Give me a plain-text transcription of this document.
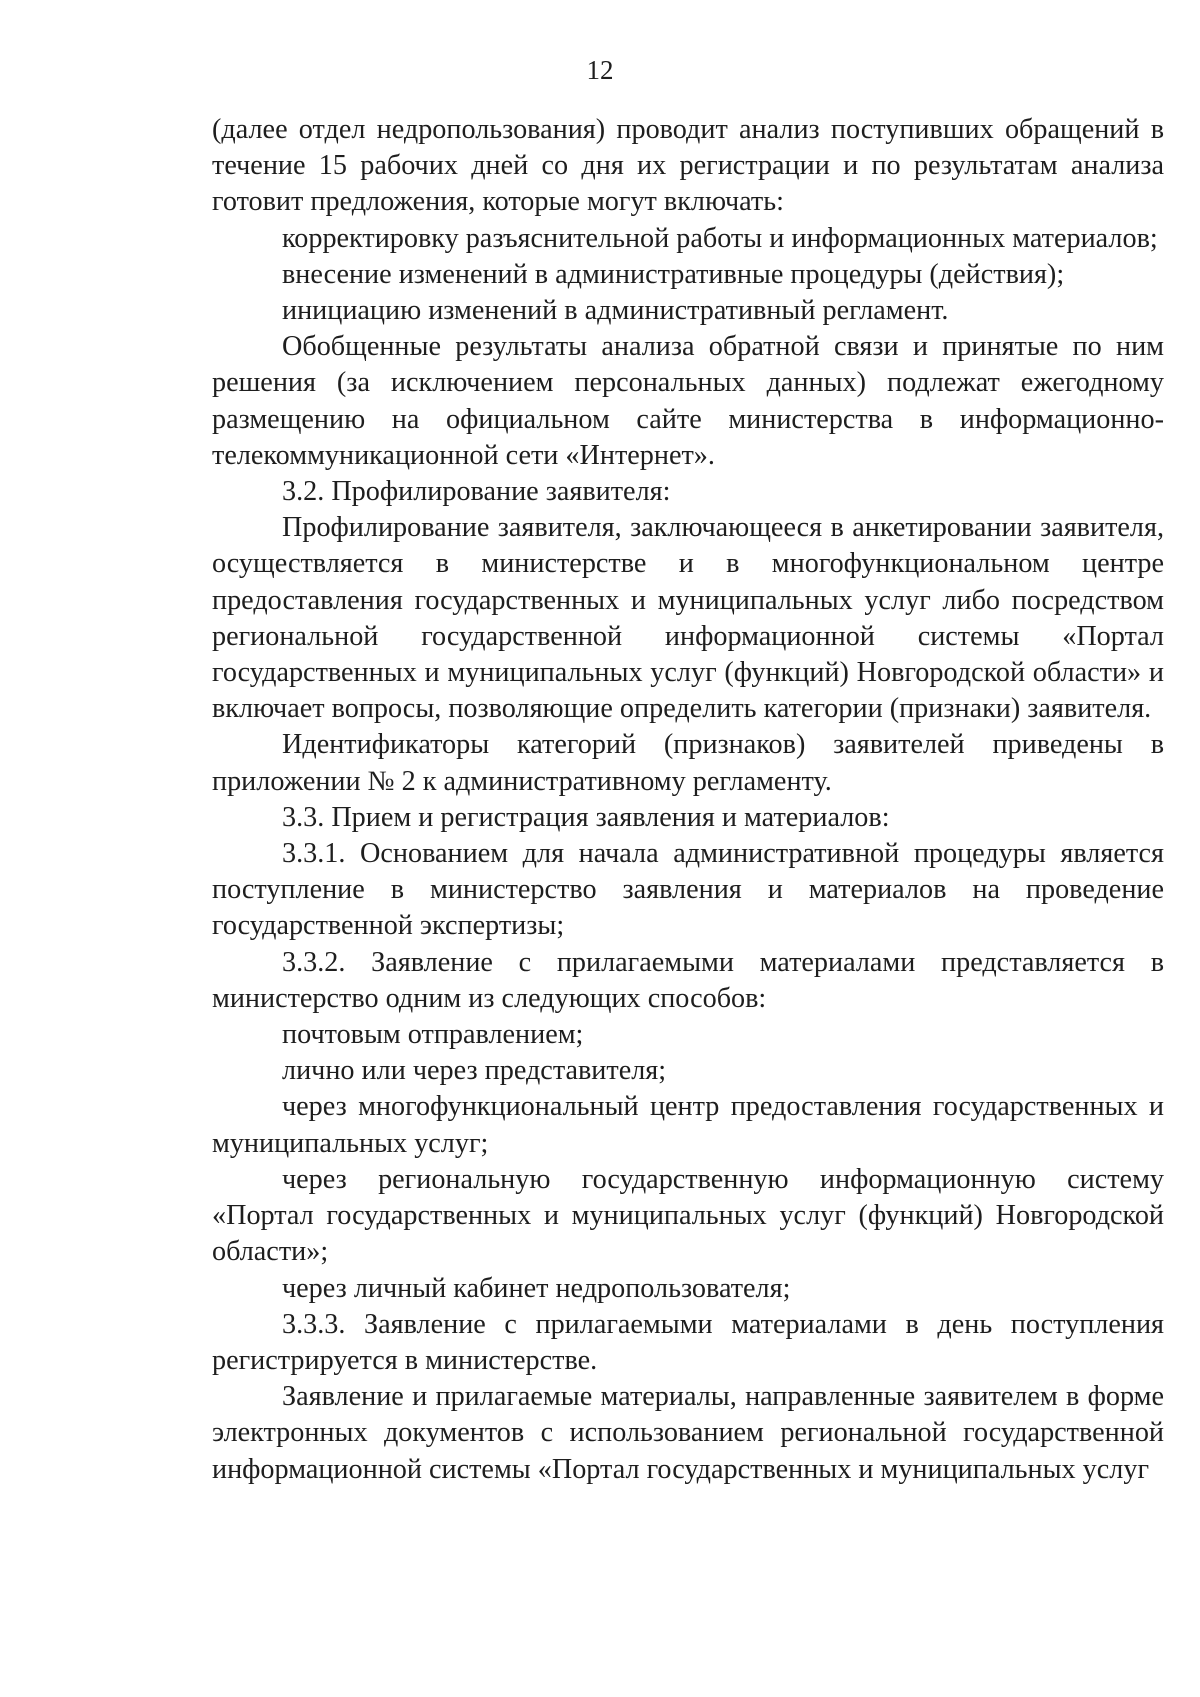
12

(далее отдел недропользования) проводит анализ поступивших обращений в течение 15 рабочих дней со дня их регистрации и по результатам анализа готовит предложения, которые могут включать:

корректировку разъяснительной работы и информационных материалов;

внесение изменений в административные процедуры (действия);

инициацию изменений в административный регламент.

Обобщенные результаты анализа обратной связи и принятые по ним решения (за исключением персональных данных) подлежат ежегодному размещению на официальном сайте министерства в информационно-телекоммуникационной сети «Интернет».

3.2. Профилирование заявителя:

Профилирование заявителя, заключающееся в анкетировании заявителя, осуществляется в министерстве и в многофункциональном центре предоставления государственных и муниципальных услуг либо посредством региональной государственной информационной системы «Портал государственных и муниципальных услуг (функций) Новгородской области» и включает вопросы, позволяющие определить категории (признаки) заявителя.

Идентификаторы категорий (признаков) заявителей приведены в приложении № 2 к административному регламенту.

3.3. Прием и регистрация заявления и материалов:

3.3.1. Основанием для начала административной процедуры является поступление в министерство заявления и материалов на проведение государственной экспертизы;

3.3.2. Заявление с прилагаемыми материалами представляется в министерство одним из следующих способов:

почтовым отправлением;

лично или через представителя;

через многофункциональный центр предоставления государственных и муниципальных услуг;

через региональную государственную информационную систему «Портал государственных и муниципальных услуг (функций) Новгородской области»;

через личный кабинет недропользователя;

3.3.3. Заявление с прилагаемыми материалами в день поступления регистрируется в министерстве.

Заявление и прилагаемые материалы, направленные заявителем в форме электронных документов с использованием региональной государственной информационной системы «Портал государственных и муниципальных услуг
